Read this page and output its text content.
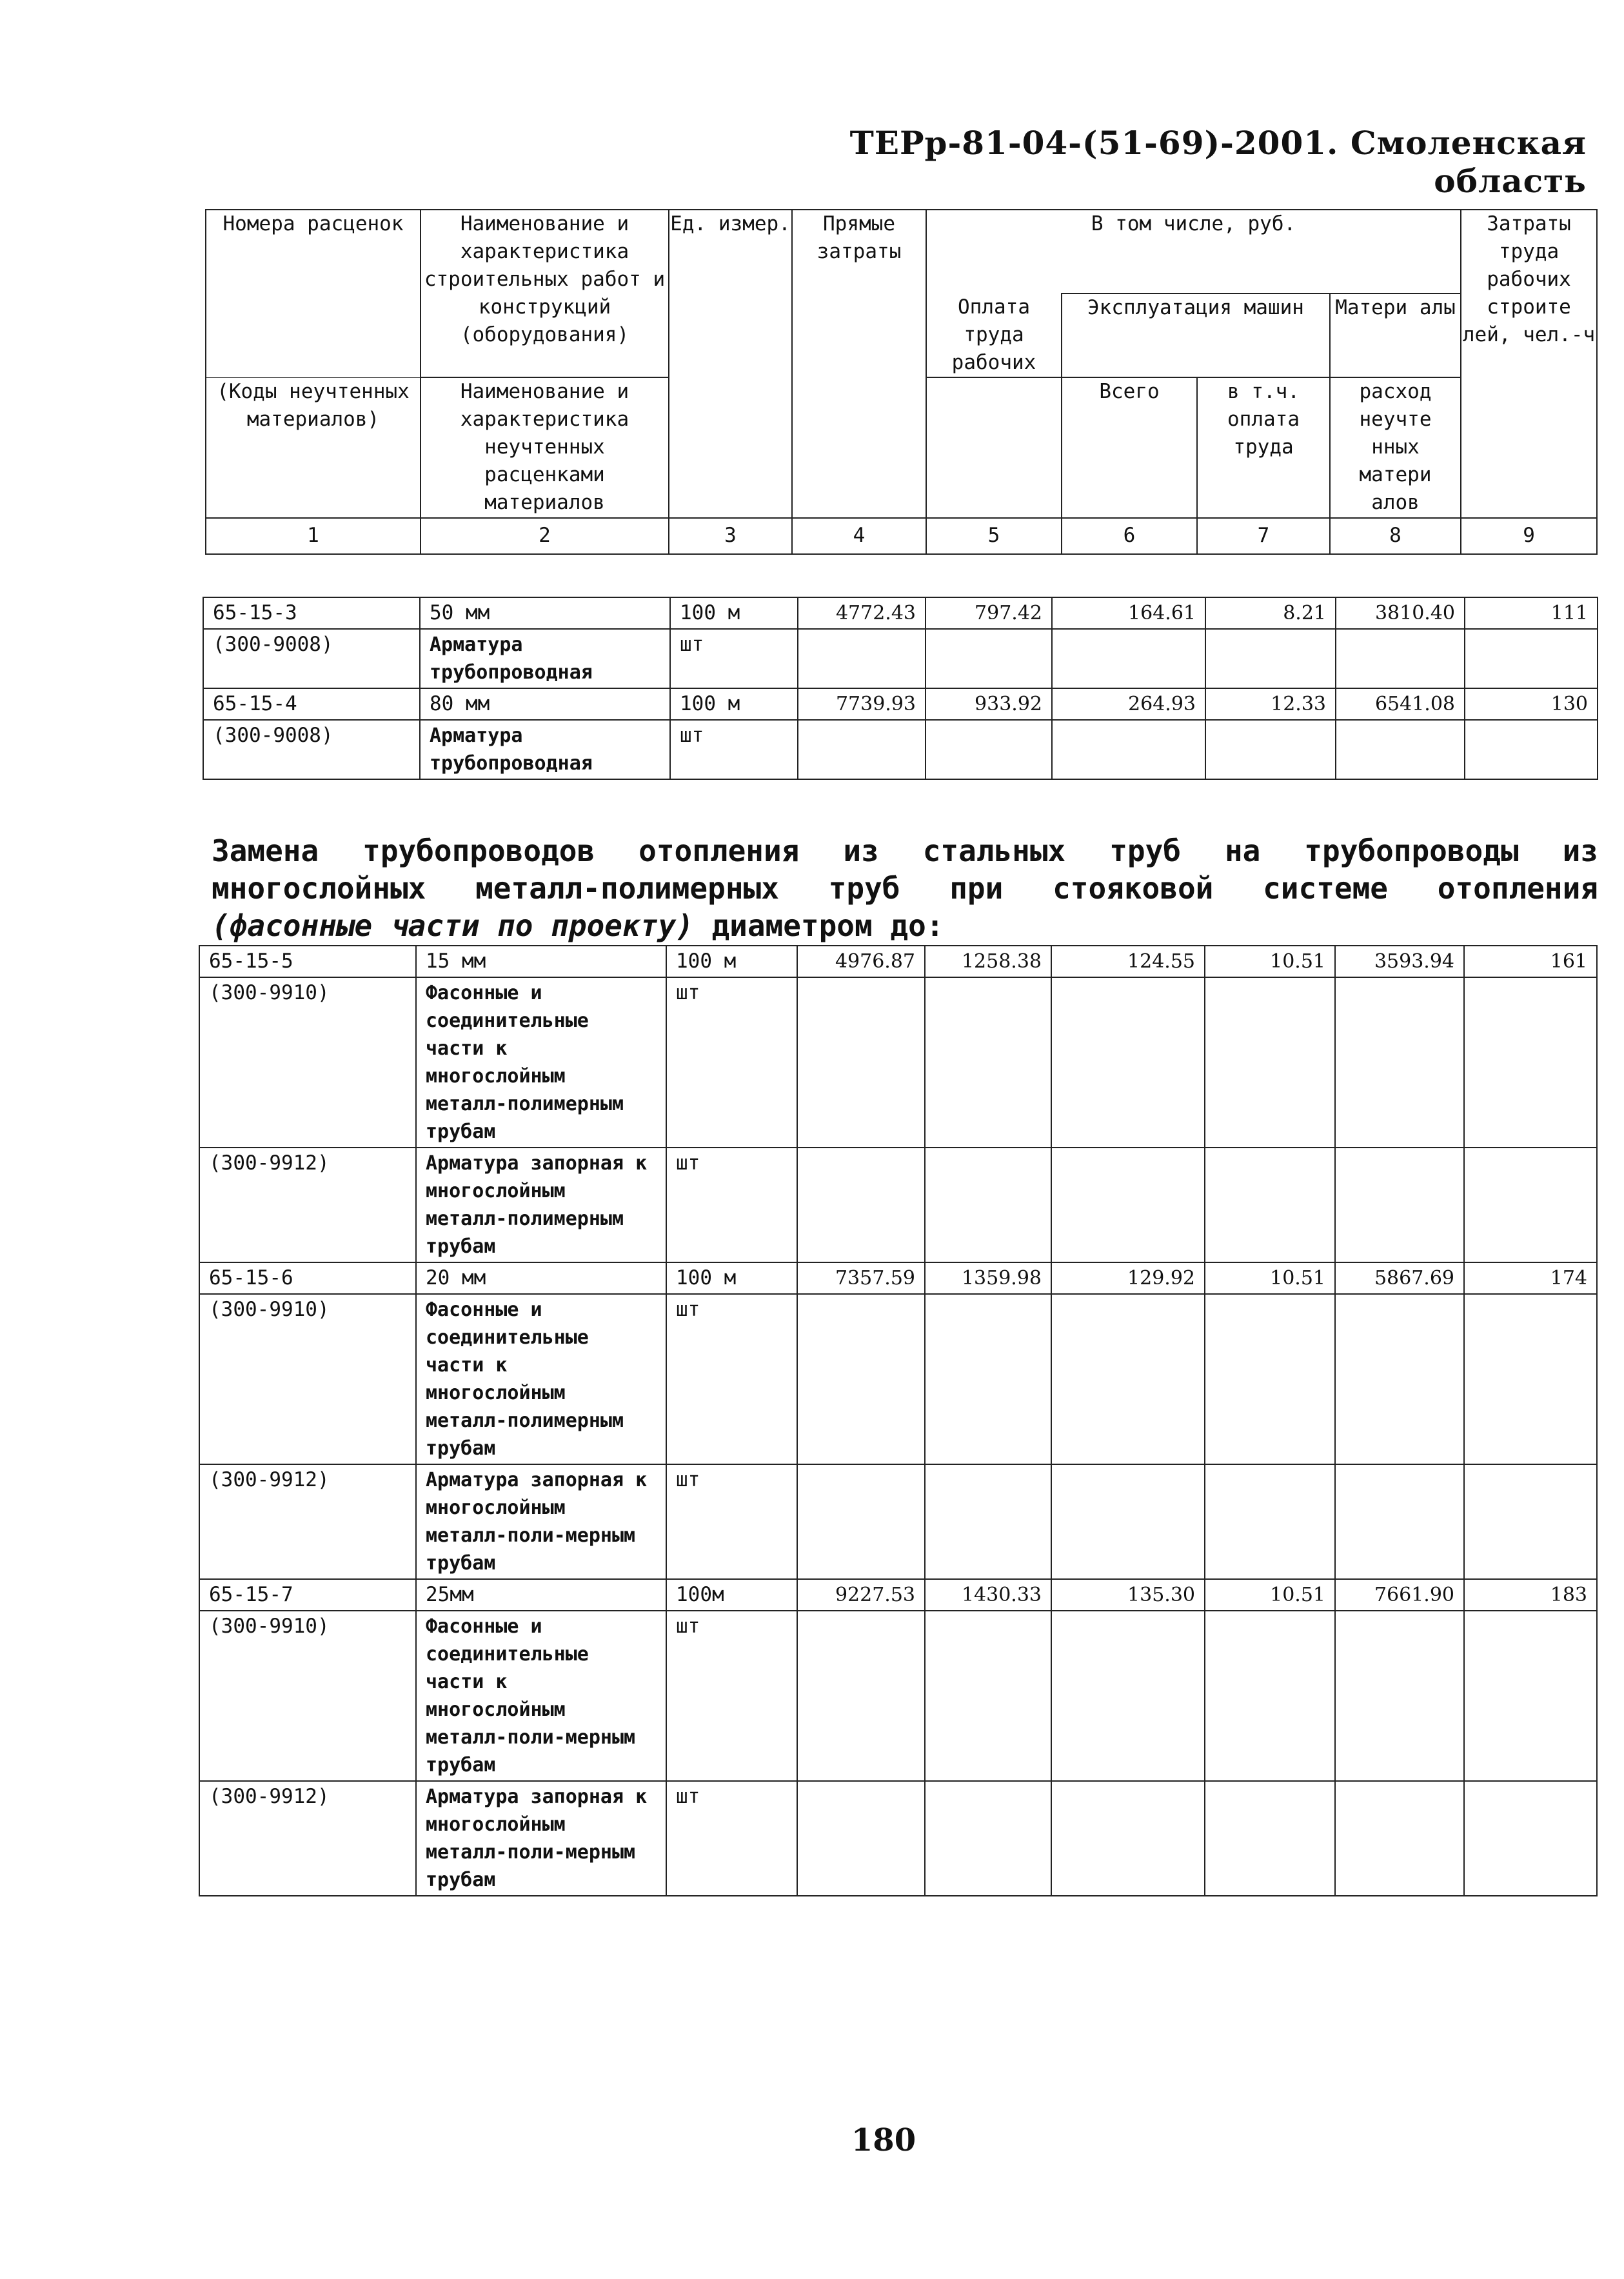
ТЕРр-81-04-(51-69)-2001. Смоленская область
Номера расценок	Наименование и характеристика строительных работ и конструкций (оборудования)	Ед. измер.	Прямые затраты	В том числе, руб.				Затраты труда рабочих строите лей, чел.-ч
				Оплата труда рабочих	Эксплуатация машин		Матери алы	
(Коды неучтенных материалов)	Наименование и характеристика неучтенных расценками материалов				Всего	в т.ч. оплата труда	расход неучте нных матери алов	

1	2	3	4	5	6	7	8	9
65-15-3	50 мм	100 м	4772.43	797.42	164.61	8.21	3810.40	111
(300-9008)	Арматура трубопроводная	шт						
65-15-4	80 мм	100 м	7739.93	933.92	264.93	12.33	6541.08	130
(300-9008)	Арматура трубопроводная	шт						
Замена трубопроводов отопления из стальных труб на трубопроводы из
многослойных металл-полимерных труб при стояковой системе отопления

(фасонные части по проекту) диаметром до:
65-15-5	15 мм	100 м	4976.87	1258.38	124.55	10.51	3593.94	161
(300-9910)	Фасонные и соединительные части к многослойным металл-полимерным трубам	шт						
(300-9912)	Арматура запорная к многослойным металл-полимерным трубам	шт						
65-15-6	20 мм	100 м	7357.59	1359.98	129.92	10.51	5867.69	174
(300-9910)	Фасонные и соединительные части к многослойным металл-полимерным трубам	шт						
(300-9912)	Арматура запорная к многослойным металл-поли-мерным трубам	шт						
65-15-7	25мм	100м	9227.53	1430.33	135.30	10.51	7661.90	183
(300-9910)	Фасонные и соединительные части к многослойным металл-поли-мерным трубам	шт						
(300-9912)	Арматура запорная к многослойным металл-поли-мерным трубам	шт						
180
